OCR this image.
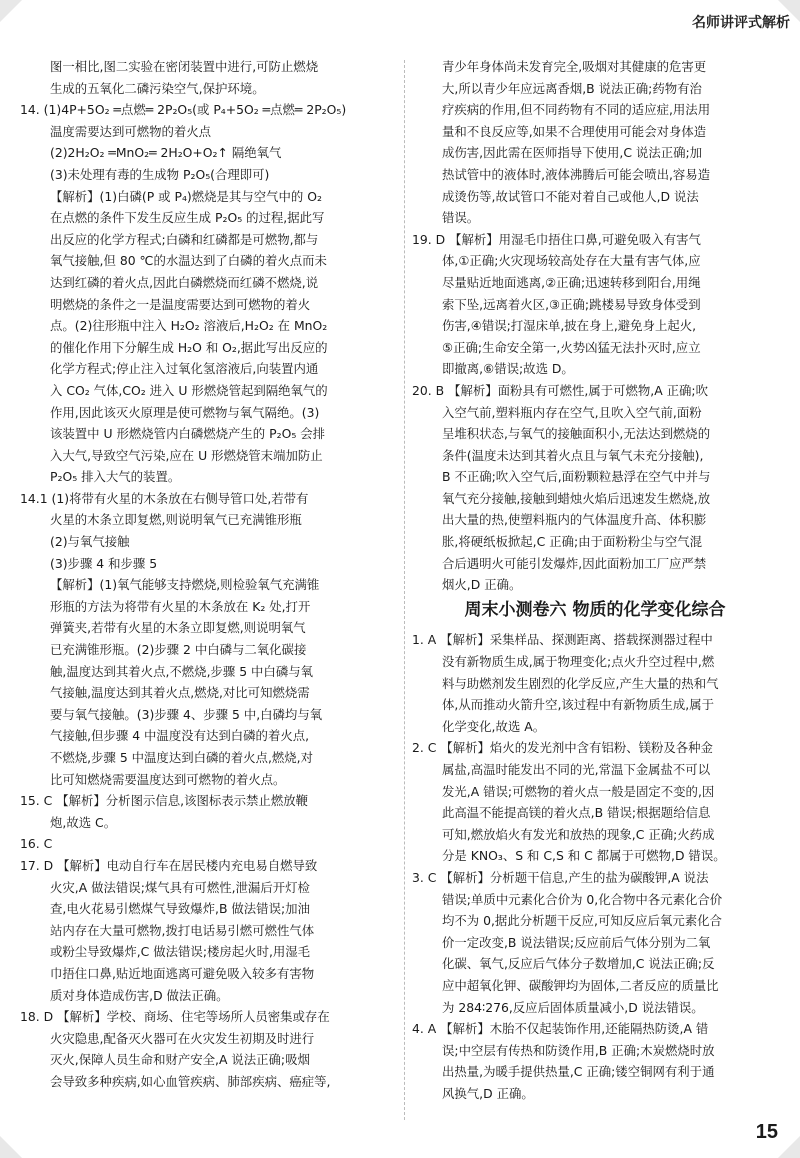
名师讲评式解析
图一相比,图二实验在密闭装置中进行,可防止燃烧
生成的五氧化二磷污染空气,保护环境。
14. (1)4P+5O₂ ═点燃═ 2P₂O₅(或 P₄+5O₂ ═点燃═ 2P₂O₅)
温度需要达到可燃物的着火点
(2)2H₂O₂ ═MnO₂═ 2H₂O+O₂↑ 隔绝氧气
(3)未处理有毒的生成物 P₂O₅(合理即可)
【解析】(1)白磷(P 或 P₄)燃烧是其与空气中的 O₂
在点燃的条件下发生反应生成 P₂O₅ 的过程,据此写
出反应的化学方程式;白磷和红磷都是可燃物,都与
氧气接触,但 80 ℃的水温达到了白磷的着火点而未
达到红磷的着火点,因此白磷燃烧而红磷不燃烧,说
明燃烧的条件之一是温度需要达到可燃物的着火
点。(2)往形瓶中注入 H₂O₂ 溶液后,H₂O₂ 在 MnO₂
的催化作用下分解生成 H₂O 和 O₂,据此写出反应的
化学方程式;停止注入过氧化氢溶液后,向装置内通
入 CO₂ 气体,CO₂ 进入 U 形燃烧管起到隔绝氧气的
作用,因此该灭火原理是使可燃物与氧气隔绝。(3)
该装置中 U 形燃烧管内白磷燃烧产生的 P₂O₅ 会排
入大气,导致空气污染,应在 U 形燃烧管末端加防止
P₂O₅ 排入大气的装置。
14.1 (1)将带有火星的木条放在右侧导管口处,若带有
火星的木条立即复燃,则说明氧气已充满锥形瓶
(2)与氧气接触
(3)步骤 4 和步骤 5
【解析】(1)氧气能够支持燃烧,则检验氧气充满锥
形瓶的方法为将带有火星的木条放在 K₂ 处,打开
弹簧夹,若带有火星的木条立即复燃,则说明氧气
已充满锥形瓶。(2)步骤 2 中白磷与二氧化碳接
触,温度达到其着火点,不燃烧,步骤 5 中白磷与氧
气接触,温度达到其着火点,燃烧,对比可知燃烧需
要与氧气接触。(3)步骤 4、步骤 5 中,白磷均与氧
气接触,但步骤 4 中温度没有达到白磷的着火点,
不燃烧,步骤 5 中温度达到白磷的着火点,燃烧,对
比可知燃烧需要温度达到可燃物的着火点。
15. C 【解析】分析图示信息,该图标表示禁止燃放鞭
炮,故选 C。
16. C
17. D 【解析】电动自行车在居民楼内充电易自燃导致
火灾,A 做法错误;煤气具有可燃性,泄漏后开灯检
查,电火花易引燃煤气导致爆炸,B 做法错误;加油
站内存在大量可燃物,拨打电话易引燃可燃性气体
或粉尘导致爆炸,C 做法错误;楼房起火时,用湿毛
巾捂住口鼻,贴近地面逃离可避免吸入较多有害物
质对身体造成伤害,D 做法正确。
18. D 【解析】学校、商场、住宅等场所人员密集或存在
火灾隐患,配备灭火器可在火灾发生初期及时进行
灭火,保障人员生命和财产安全,A 说法正确;吸烟
会导致多种疾病,如心血管疾病、肺部疾病、癌症等,
青少年身体尚未发育完全,吸烟对其健康的危害更
大,所以青少年应远离香烟,B 说法正确;药物有治
疗疾病的作用,但不同药物有不同的适应症,用法用
量和不良反应等,如果不合理使用可能会对身体造
成伤害,因此需在医师指导下使用,C 说法正确;加
热试管中的液体时,液体沸腾后可能会喷出,容易造
成烫伤等,故试管口不能对着自己或他人,D 说法
错误。
19. D 【解析】用湿毛巾捂住口鼻,可避免吸入有害气
体,①正确;火灾现场较高处存在大量有害气体,应
尽量贴近地面逃离,②正确;迅速转移到阳台,用绳
索下坠,远离着火区,③正确;跳楼易导致身体受到
伤害,④错误;打湿床单,披在身上,避免身上起火,
⑤正确;生命安全第一,火势凶猛无法扑灭时,应立
即撤离,⑥错误;故选 D。
20. B 【解析】面粉具有可燃性,属于可燃物,A 正确;吹
入空气前,塑料瓶内存在空气,且吹入空气前,面粉
呈堆积状态,与氧气的接触面积小,无法达到燃烧的
条件(温度未达到其着火点且与氧气未充分接触),
B 不正确;吹入空气后,面粉颗粒悬浮在空气中并与
氧气充分接触,接触到蜡烛火焰后迅速发生燃烧,放
出大量的热,使塑料瓶内的气体温度升高、体积膨
胀,将硬纸板掀起,C 正确;由于面粉粉尘与空气混
合后遇明火可能引发爆炸,因此面粉加工厂应严禁
烟火,D 正确。
周末小测卷六 物质的化学变化综合
1. A 【解析】采集样品、探测距离、搭载探测器过程中
没有新物质生成,属于物理变化;点火升空过程中,燃
料与助燃剂发生剧烈的化学反应,产生大量的热和气
体,从而推动火箭升空,该过程中有新物质生成,属于
化学变化,故选 A。
2. C 【解析】焰火的发光剂中含有铝粉、镁粉及各种金
属盐,高温时能发出不同的光,常温下金属盐不可以
发光,A 错误;可燃物的着火点一般是固定不变的,因
此高温不能提高镁的着火点,B 错误;根据题给信息
可知,燃放焰火有发光和放热的现象,C 正确;火药成
分是 KNO₃、S 和 C,S 和 C 都属于可燃物,D 错误。
3. C 【解析】分析题干信息,产生的盐为碳酸钾,A 说法
错误;单质中元素化合价为 0,化合物中各元素化合价
均不为 0,据此分析题干反应,可知反应后氧元素化合
价一定改变,B 说法错误;反应前后气体分别为二氧
化碳、氧气,反应后气体分子数增加,C 说法正确;反
应中超氧化钾、碳酸钾均为固体,二者反应的质量比
为 284∶276,反应后固体质量减小,D 说法错误。
4. A 【解析】木胎不仅起装饰作用,还能隔热防烫,A 错
误;中空层有传热和防烫作用,B 正确;木炭燃烧时放
出热量,为暖手提供热量,C 正确;镂空铜网有利于通
风换气,D 正确。
15
